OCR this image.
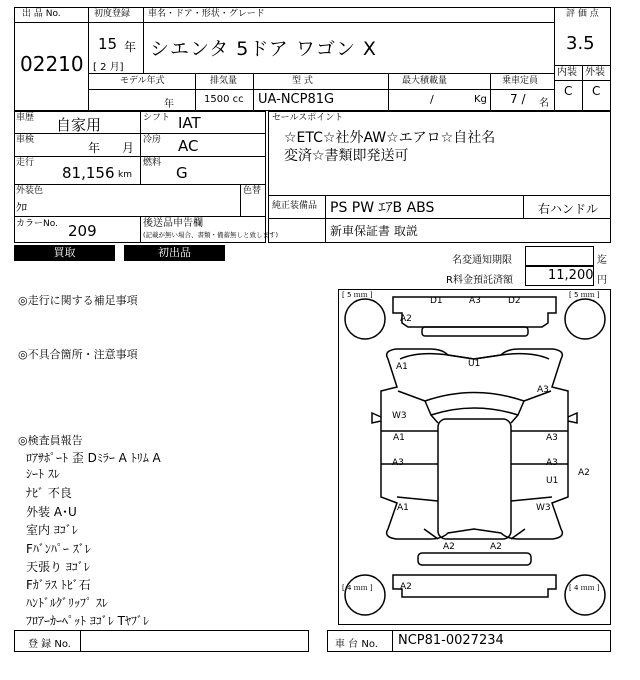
出 品 No.
02210
初度登録
15 年
[ 2 月]
車名・ドア・形状・グレード
シエンタ 5ドア ワゴン X
評 価 点
3.5
内装 外装
C C
モデル年式
年
排気量
1500 cc
型 式
UA-NCP81G
最大積載量
/	Kg
乗車定員
7 / 名
車歴 自家用	シフト IAT
車検
年 月
冷房 AC
走行
81,156 km
燃料
G
外装色
ｸﾛ
色替
カラーNo. 209	後送品申告欄
(記載が無い場合、書類・備蓄無しと致します)
セールスポイント
☆ETC☆社外AW☆エアロ☆自社名
変済☆書類即発送可
純正装備品 PS PW ｴｱB ABS	右ハンドル
新車保証書 取説
買取	初出品
名変通知期限	迄
R料金預託済額	11,200 円
◎走行に関する補足事項
◎不具合箇所・注意事項
◎検査員報告
ﾛｱｻﾎﾟｰﾄ 歪 Dﾐﾗｰ A ﾄﾘﾑ A
ｼｰﾄ ｽﾚ
ﾅﾋﾞ 不良
外装 A･U
室内 ﾖｺﾞﾚ
Fﾊﾞﾝﾊﾟｰ ｽﾞﾚ
天張り ﾖｺﾞﾚ
Fｶﾞﾗｽ ﾄﾋﾞ石
ﾊﾝﾄﾞﾙｸﾞﾘｯﾌﾟ ｽﾚ
ﾌﾛｱｰｶｰﾍﾟｯﾄ ﾖｺﾞﾚ Tﾔﾌﾞﾚ
[ 5 ｍｍ ]	[ 5 ｍｍ ]
[ 4 ｍｍ ]	[ 4 ｍｍ ]
D1	A3	D2
A2
U1
A1
A3
W3
A1
A3
A3
A3
U1
A2
A1	W3
A2	A2
A2
登 録 No.	車 台 No. NCP81-0027234
